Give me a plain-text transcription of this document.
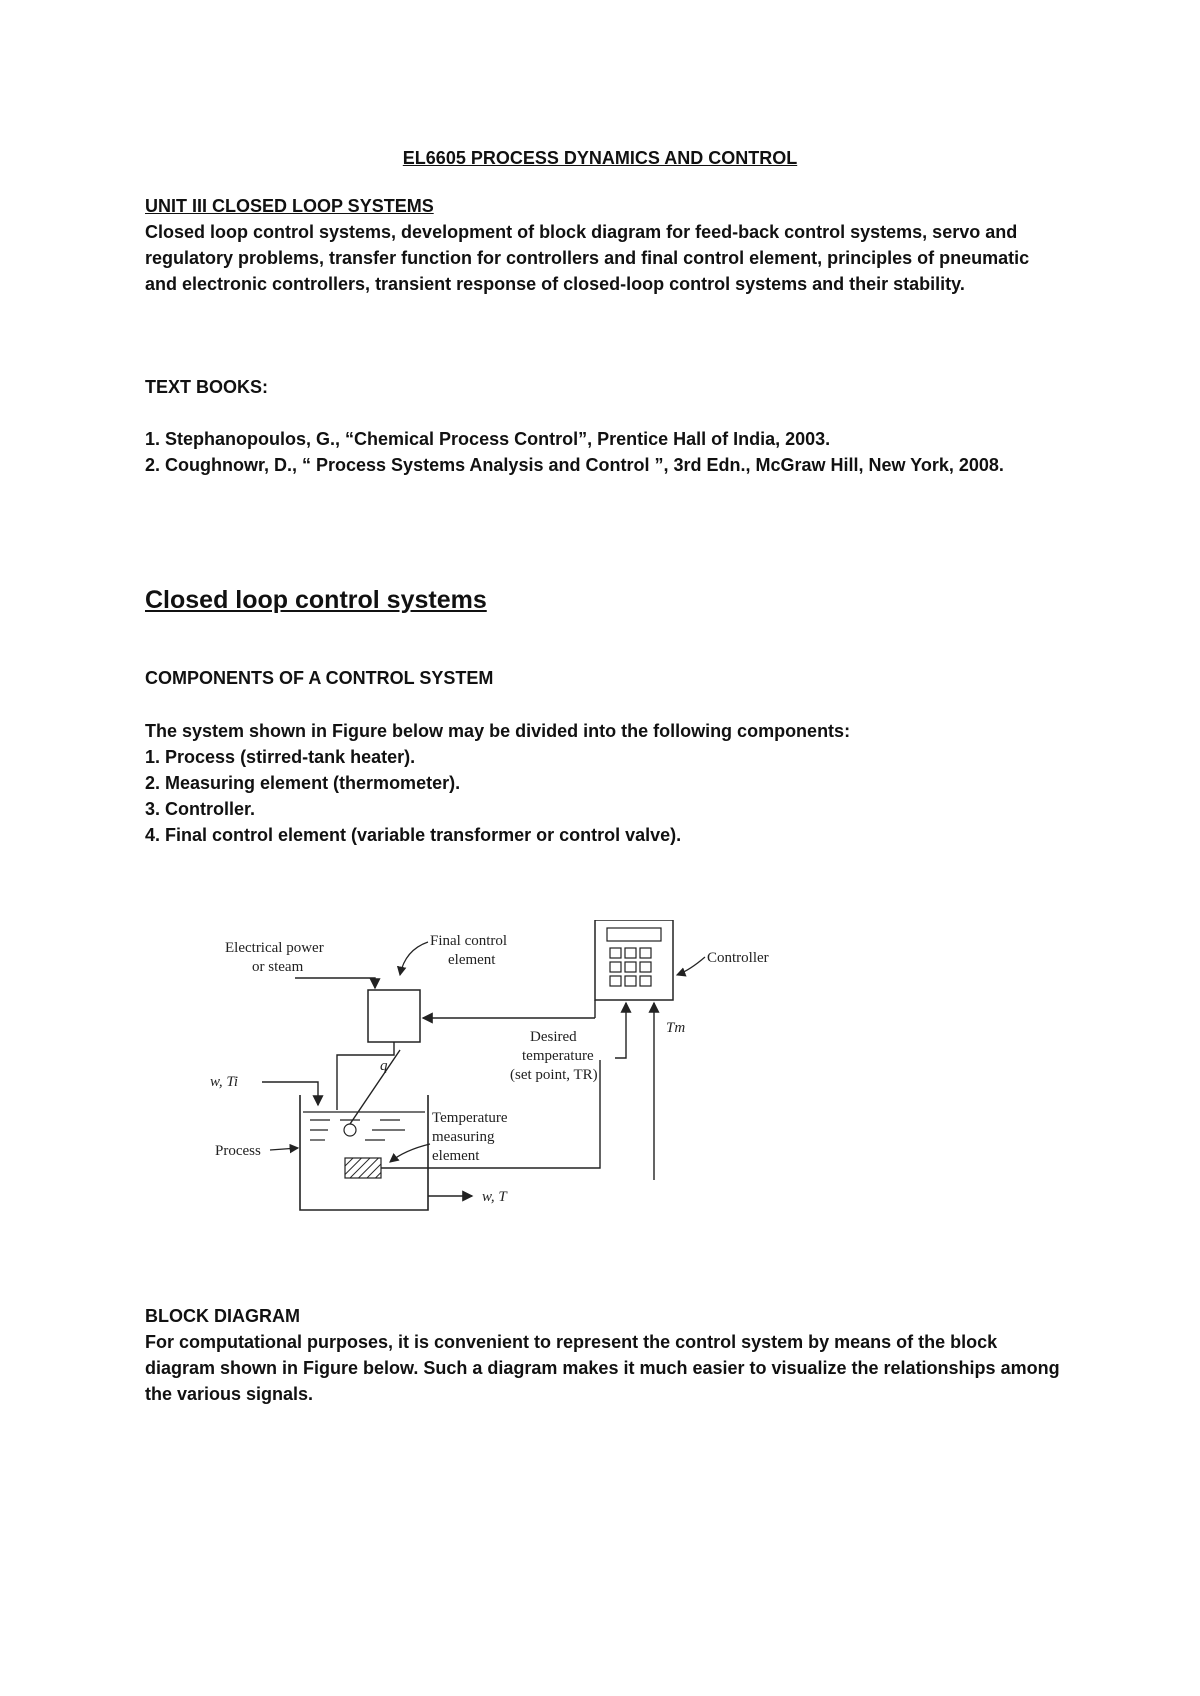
EL6605 PROCESS DYNAMICS AND CONTROL
UNIT III CLOSED LOOP SYSTEMS
Closed loop control systems, development of block diagram for feed-back control systems, servo and regulatory problems, transfer function for controllers and final control element, principles of pneumatic and electronic controllers, transient response of closed-loop control systems and their stability.
TEXT BOOKS:
1. Stephanopoulos, G., “Chemical Process Control”, Prentice Hall of India, 2003.
2. Coughnowr, D., “ Process Systems Analysis and Control ”, 3rd Edn., McGraw Hill, New York, 2008.
Closed loop control systems
COMPONENTS OF A CONTROL SYSTEM
The system shown in Figure below may be divided into the following components:
1. Process (stirred-tank heater).
2. Measuring element (thermometer).
3. Controller.
4. Final control element (variable transformer or control valve).
Electrical power
or steam
Final control
element	Controller
Tm
Desired
temperature
(set point, TR)
q
w, Ti
Process
Temperature
measuring
element
w, T
BLOCK DIAGRAM
For computational purposes, it is convenient to represent the control system by means of the block diagram shown in Figure below. Such a diagram makes it much easier to visualize the relationships among the various signals.
